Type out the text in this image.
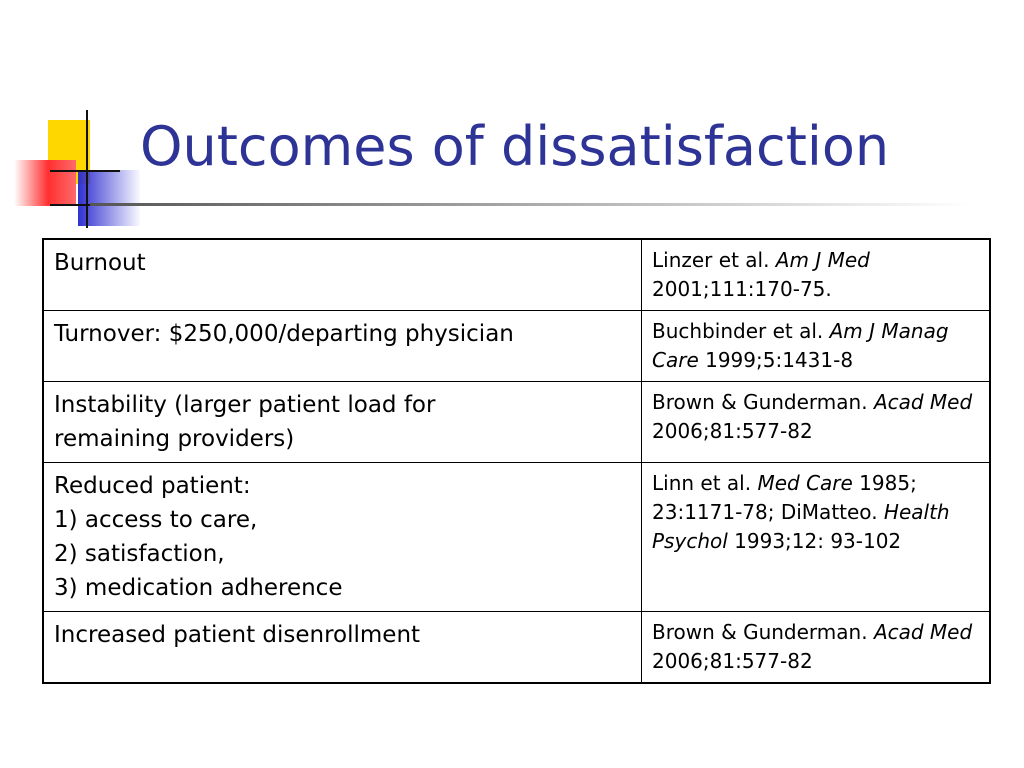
Outcomes of dissatisfaction
Burnout	Linzer et al. Am J Med 2001;111:170-75.

Turnover: $250,000/departing physician	Buchbinder et al. Am J Manag Care 1999;5:1431-8

Instability (larger patient load for
remaining providers)	Brown & Gunderman. Acad Med 2006;81:577-82

Reduced patient:
1) access to care,
2) satisfaction,
3) medication adherence	Linn et al. Med Care 1985; 23:1171-78; DiMatteo. Health Psychol 1993;12: 93-102

Increased patient disenrollment	Brown & Gunderman. Acad Med 2006;81:577-82
